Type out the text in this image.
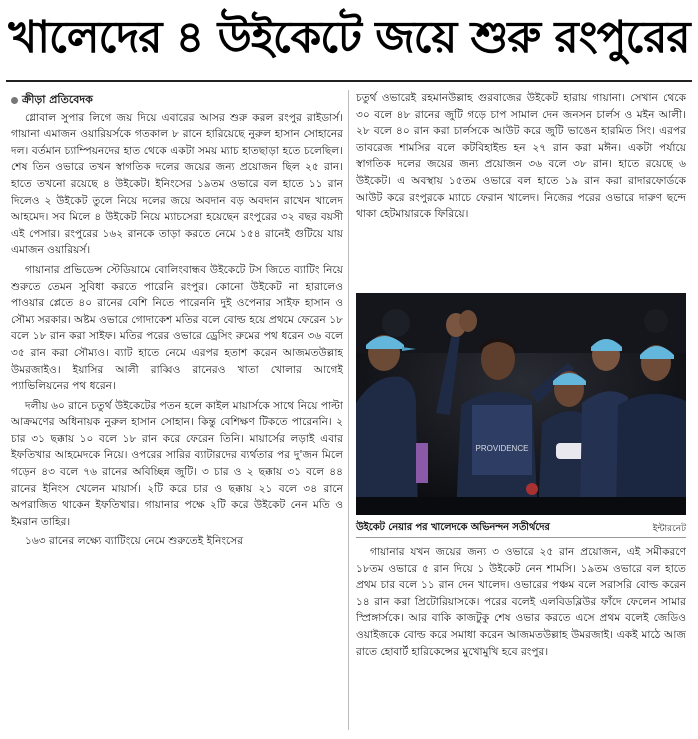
খালেদের ৪ উইকেটে জয়ে শুরু রংপুরের
ক্রীড়া প্রতিবেদক

গ্লোবাল সুপার লিগে জয় দিয়ে এবারের আসর শুরু করল রংপুর রাইডার্স। গায়ানা এমাজন ওয়ারিয়র্সকে গতকাল ৮ রানে হারিয়েছে নুরুল হাসান সোহানের দল। বর্তমান চ্যাম্পিয়নদের হাত থেকে একটা সময় ম্যাচ হাতছাড়া হতে চলেছিল। শেষ তিন ওভারে তখন স্বাগতিক দলের জয়ের জন্য প্রয়োজন ছিল ২৫ রান। হাতে তখনো রয়েছে ৪ উইকেট। ইনিংসের ১৯তম ওভারে বল হাতে ১১ রান দিলেও ২ উইকেট তুলে নিয়ে দলের জয়ে অবদান বড় অবদান রাখেন খালেদ আহমেদ। সব মিলে ৪ উইকেট নিয়ে ম্যাচসেরা হয়েছেন রংপুরের ৩২ বছর বয়সী এই পেসার। রংপুরের ১৬২ রানকে তাড়া করতে নেমে ১৫৪ রানেই গুটিয়ে যায় এমাজন ওয়ারিয়র্স।

গায়ানার প্রভিডেন্স স্টেডিয়ামে বোলিংবান্ধব উইকেটে টস জিতে ব্যাটিং নিয়ে শুরুতে তেমন সুবিধা করতে পারেনি রংপুর। কোনো উইকেট না হারালেও পাওয়ার প্লেতে ৪০ রানের বেশি নিতে পারেননি দুই ওপেনার সাইফ হাসান ও সৌম্য সরকার। অষ্টম ওভারে গোদাকেশ মতির বলে বোল্ড হয়ে প্রথমে ফেরেন ১৮ বলে ১৮ রান করা সাইফ। মতির পরের ওভারে ড্রেসিং রুমের পথ ধরেন ৩৬ বলে ৩৫ রান করা সৌম্যও। ব্যাট হাতে নেমে এরপর হতাশ করেন আজমতউল্লাহ উমরজাইও। ইয়াসির আলী রাব্বিও রানেরও খাতা খোলার আগেই প্যাভিলিয়নের পথ ধরেন।

দলীয় ৬০ রানে চতুর্থ উইকেটের পতন হলে কাইল মায়ার্সকে সাথে নিয়ে পাল্টা আক্রমণের অধিনায়ক নুরুল হাসান সোহান। কিন্তু বেশিক্ষণ টিকতে পারেননি। ২ চার ৩১ ছক্কায় ১০ বলে ১৮ রান করে ফেরেন তিনি। মায়ার্সের লড়াই এবার ইফতিখার আহমেদকে নিয়ে। ওপরের সারির ব্যাটারদের ব্যর্থতার পর দু'জন মিলে গড়েন ৪৩ বলে ৭৬ রানের অবিচ্ছিন্ন জুটি। ৩ চার ও ২ ছক্কায় ৩১ বলে ৪৪ রানের ইনিংস খেলেন মায়ার্স। ২টি করে চার ও ছক্কায় ২১ বলে ৩৪ রানে অপরাজিত থাকেন ইফতিখার। গায়ানার পক্ষে ২টি করে উইকেট নেন মতি ও ইমরান তাহির।

১৬৩ রানের লক্ষ্যে ব্যাটিংয়ে নেমে শুরুতেই ইনিংসের

চতুর্থ ওভারেই রহমানউল্লাহ গুরবাজের উইকেট হারায় গায়ানা। সেখান থেকে ৩০ বলে ৪৮ রানের জুটি গড়ে চাপ সামাল দেন জনসন চার্লস ও মইন আলী। ২৮ বলে ৪০ রান করা চার্লসকে আউট করে জুটি ভাঙেন হারমিত সিং। এরপর তাবরেজ শামসির বলে কটবিহাইন্ড হন ২৭ রান করা মঈন। একটা পর্যায়ে স্বাগতিক দলের জয়ের জন্য প্রয়োজন ৩৬ বলে ৩৮ রান। হাতে রয়েছে ৬ উইকেট। এ অবস্থায় ১৫তম ওভারে বল হাতে ১৯ রান করা রাদারফোর্ডকে আউট করে রংপুরকে ম্যাচে ফেরান খালেদ। নিজের পরের ওভারে দারুণ ছন্দে থাকা হেটমায়ারকে ফিরিয়ে।

PROVIDENCE
উইকেট নেয়ার পর খালেদকে অভিনন্দন সতীর্থদের	ইন্টারনেট

গায়ানার যখন জয়ের জন্য ৩ ওভারে ২৫ রান প্রয়োজন, এই সমীকরণে ১৮তম ওভারে ৫ রান দিয়ে ১ উইকেট নেন শামসি। ১৯তম ওভারে বল হাতে প্রথম চার বলে ১১ রান দেন খালেদ। ওভারের পঞ্চম বলে সরাসরি বোল্ড করেন ১৪ রান করা প্রিটোরিয়াসকে। পরের বলেই এলবিডব্লিউর ফাঁদে ফেলেন সামার স্প্রিঙ্গার্সকে। আর বাকি কাজটুকু শেষ ওভার করতে এসে প্রথম বলেই জেডিও ওয়াইজকে বোল্ড করে সমাধা করেন আজমতউল্লাহ উমরজাই। একই মাঠে আজ রাতে হোবার্ট হারিকেন্সের মুখোমুখি হবে রংপুর।
